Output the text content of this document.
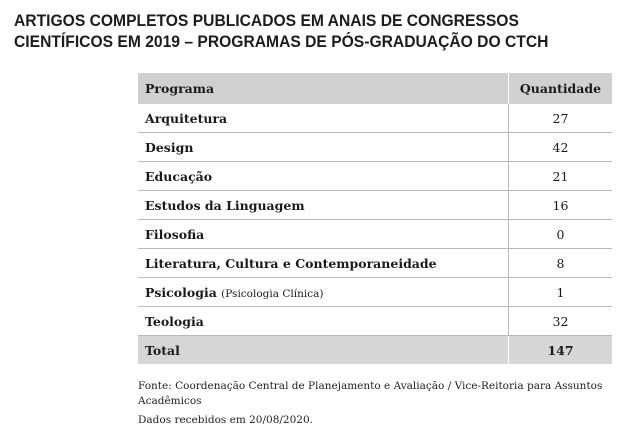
ARTIGOS COMPLETOS PUBLICADOS EM ANAIS DE CONGRESSOS
CIENTÍFICOS EM 2019 – PROGRAMAS DE PÓS-GRADUAÇÃO DO CTCH
Programa	Quantidade
Arquitetura	27
Design	42
Educação	21
Estudos da Linguagem	16
Filosofia	0
Literatura, Cultura e Contemporaneidade	8
Psicologia (Psicologia Clínica)	1
Teologia	32
Total	147
Fonte: Coordenação Central de Planejamento e Avaliação / Vice-Reitoria para Assuntos Acadêmicos
Dados recebidos em 20/08/2020.
